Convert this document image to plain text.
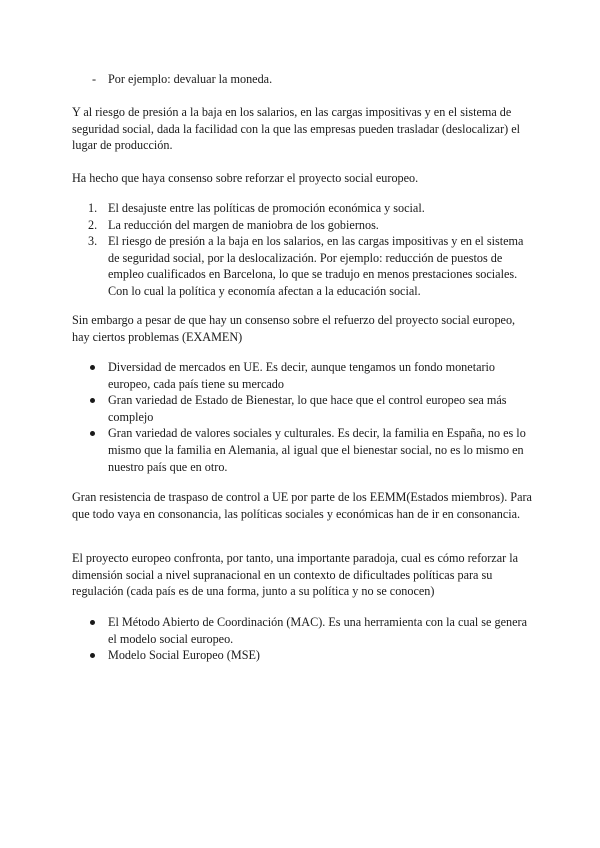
- Por ejemplo: devaluar la moneda.

Y al riesgo de presión a la baja en los salarios, en las cargas impositivas y en el sistema de seguridad social, dada la facilidad con la que las empresas pueden trasladar (deslocalizar) el lugar de producción.

Ha hecho que haya consenso sobre reforzar el proyecto social europeo.

1. El desajuste entre las políticas de promoción económica y social.
2. La reducción del margen de maniobra de los gobiernos.
3. El riesgo de presión a la baja en los salarios, en las cargas impositivas y en el sistema de seguridad social, por la deslocalización. Por ejemplo: reducción de puestos de empleo cualificados en Barcelona, lo que se tradujo en menos prestaciones sociales. Con lo cual la política y economía afectan a la educación social.

Sin embargo a pesar de que hay un consenso sobre el refuerzo del proyecto social europeo, hay ciertos problemas (EXAMEN)

Diversidad de mercados en UE. Es decir, aunque tengamos un fondo monetario europeo, cada país tiene su mercado
Gran variedad de Estado de Bienestar, lo que hace que el control europeo sea más complejo
Gran variedad de valores sociales y culturales. Es decir, la familia en España, no es lo mismo que la familia en Alemania, al igual que el bienestar social, no es lo mismo en nuestro país que en otro.

Gran resistencia de traspaso de control a UE por parte de los EEMM(Estados miembros). Para que todo vaya en consonancia, las políticas sociales y económicas han de ir en consonancia.

El proyecto europeo confronta, por tanto, una importante paradoja, cual es cómo reforzar la dimensión social a nivel supranacional en un contexto de dificultades políticas para su regulación (cada país es de una forma, junto a su política y no se conocen)

El Método Abierto de Coordinación (MAC). Es una herramienta con la cual se genera el modelo social europeo.
Modelo Social Europeo (MSE)
